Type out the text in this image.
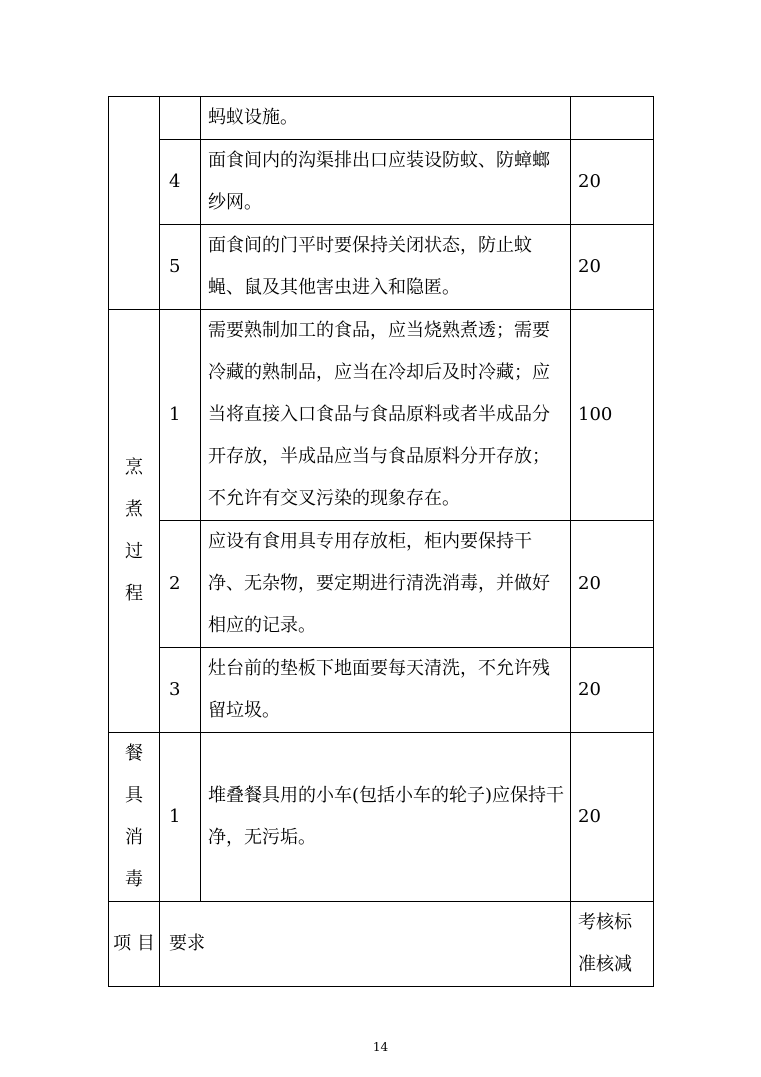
		蚂蚁设施。	
	4	面食间内的沟渠排出口应装设防蚊、防蟑螂纱网。	20
	5	面食间的门平时要保持关闭状态，防止蚊蝇、鼠及其他害虫进入和隐匿。	20

烹
煮
过
程	1	需要熟制加工的食品，应当烧熟煮透；需要冷藏的熟制品，应当在冷却后及时冷藏；应当将直接入口食品与食品原料或者半成品分开存放，半成品应当与食品原料分开存放；不允许有交叉污染的现象存在。	100
	2	应设有食用具专用存放柜，柜内要保持干净、无杂物，要定期进行清洗消毒，并做好相应的记录。	20
	3	灶台前的垫板下地面要每天清洗，不允许残留垃圾。	20

餐
具
消
毒	1	堆叠餐具用的小车(包括小车的轮子)应保持干净，无污垢。	20
项 目	要求		考核标
准核减
14
